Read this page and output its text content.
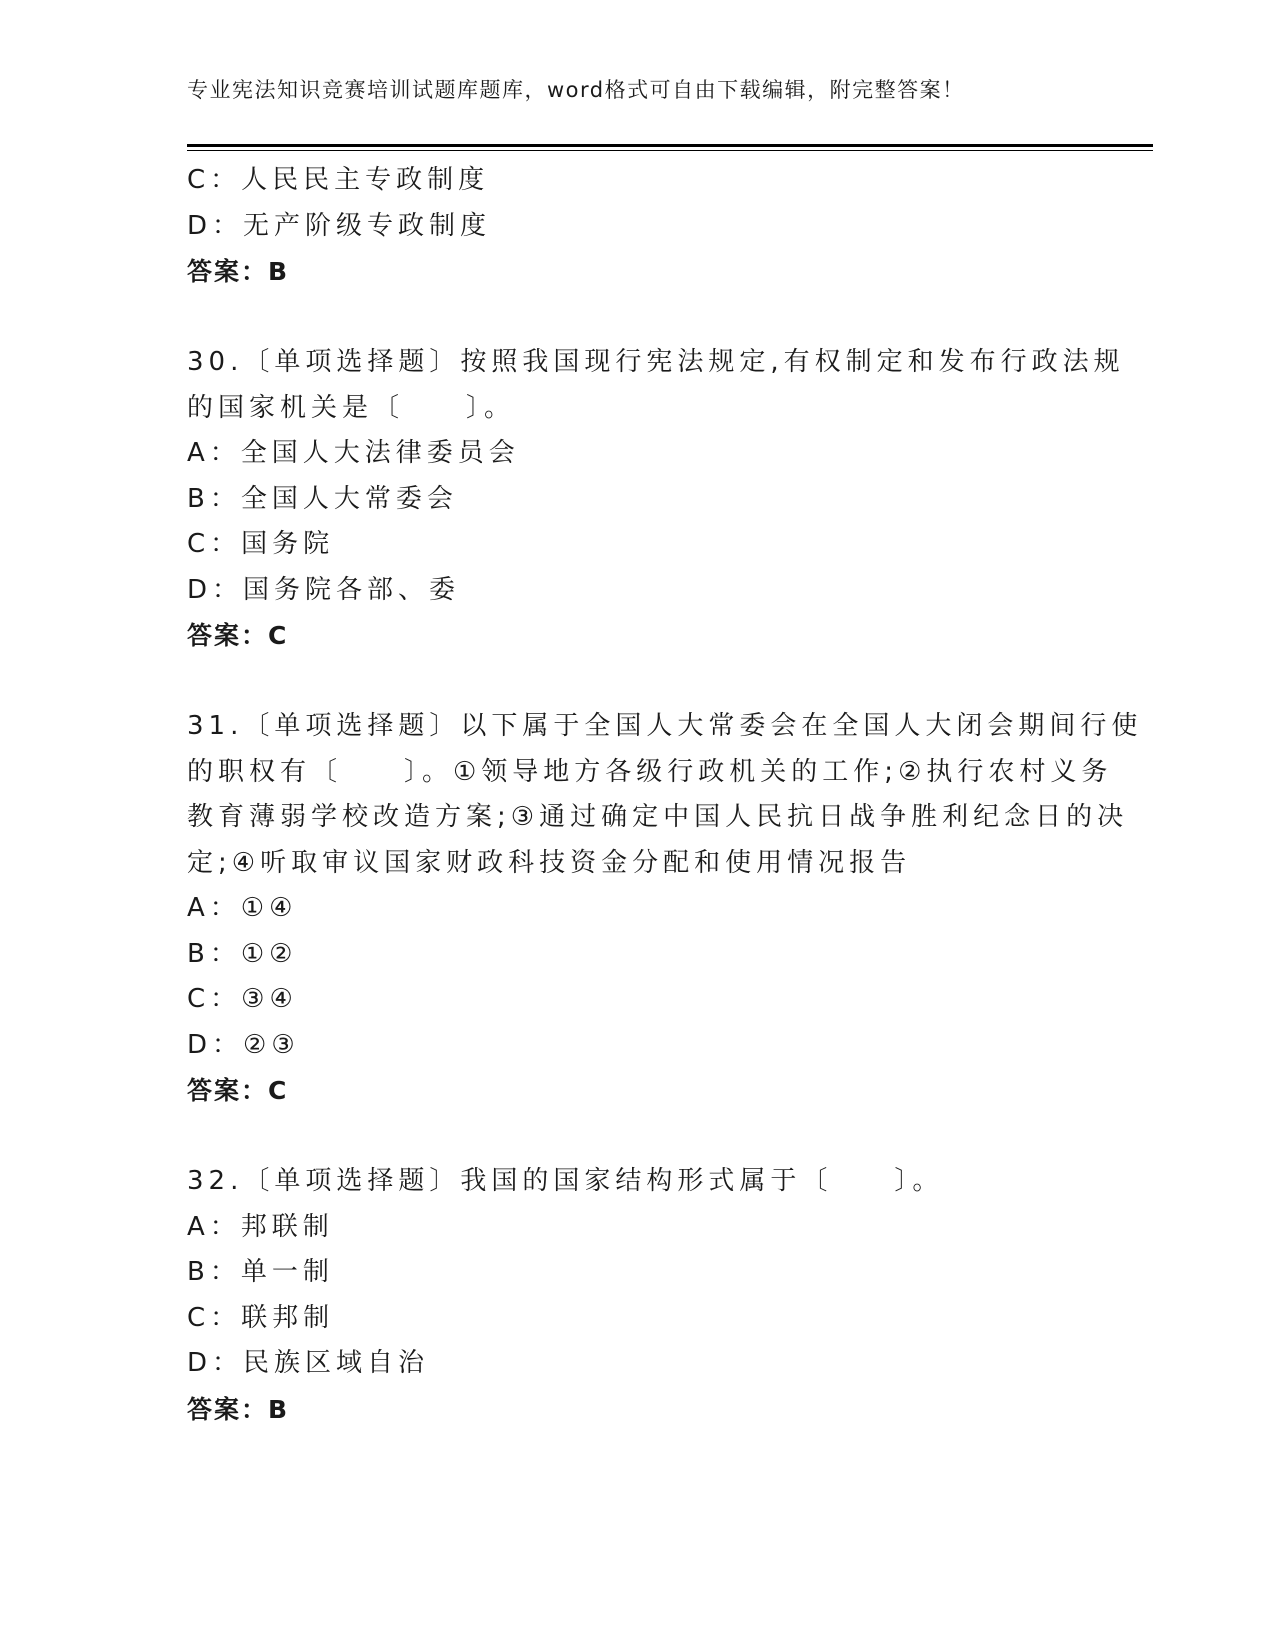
专业宪法知识竞赛培训试题库题库，word格式可自由下载编辑，附完整答案！
C：人民民主专政制度
D：无产阶级专政制度
答案：B
30.〔单项选择题〕按照我国现行宪法规定,有权制定和发布行政法规
的国家机关是〔　　〕。
A：全国人大法律委员会
B：全国人大常委会
C：国务院
D：国务院各部、委
答案：C
31.〔单项选择题〕以下属于全国人大常委会在全国人大闭会期间行使
的职权有〔　　〕。①领导地方各级行政机关的工作;②执行农村义务
教育薄弱学校改造方案;③通过确定中国人民抗日战争胜利纪念日的决
定;④听取审议国家财政科技资金分配和使用情况报告
A：①④
B：①②
C：③④
D：②③
答案：C
32.〔单项选择题〕我国的国家结构形式属于〔　　〕。
A：邦联制
B：单一制
C：联邦制
D：民族区域自治
答案：B
